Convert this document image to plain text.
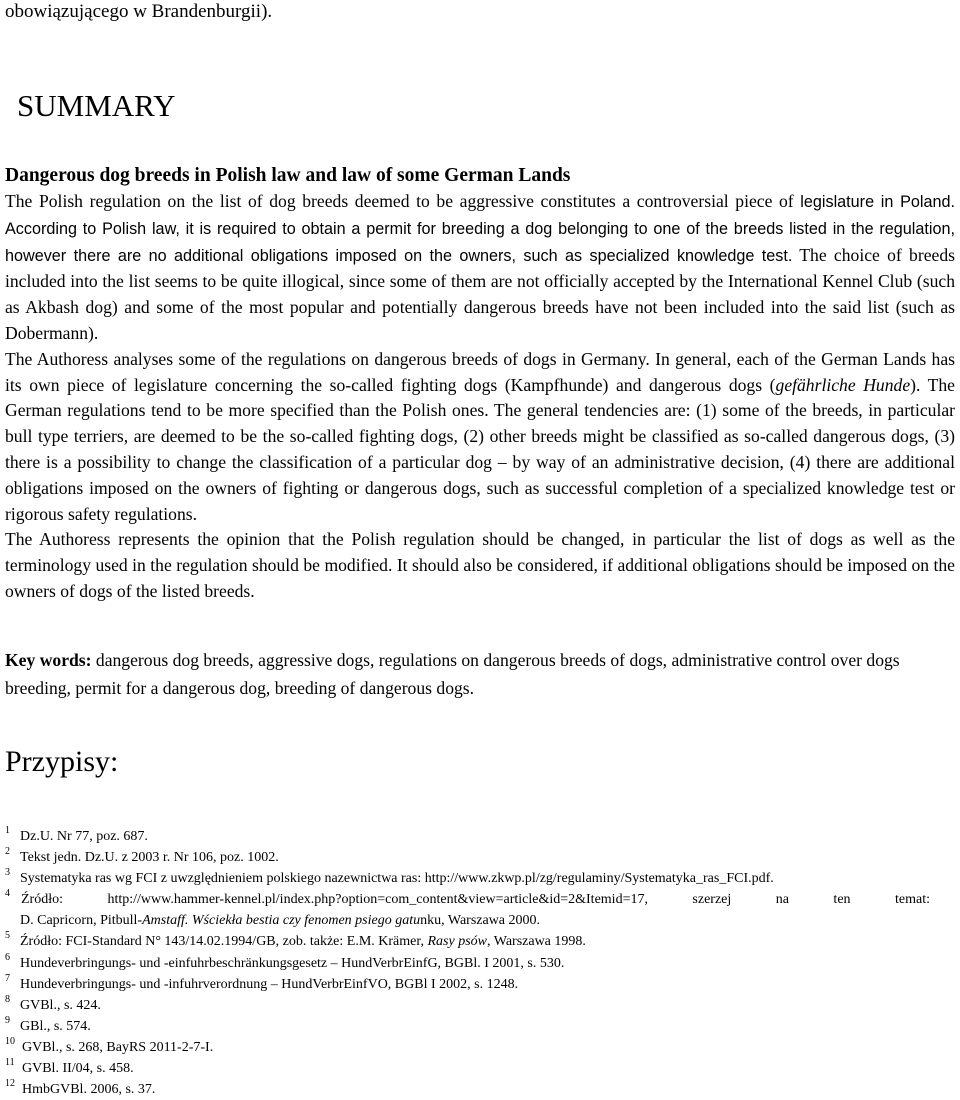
obowiązującego w Brandenburgii).
SUMMARY
Dangerous dog breeds in Polish law and law of some German Lands

The Polish regulation on the list of dog breeds deemed to be aggressive constitutes a controversial piece of legislature in Poland. According to Polish law, it is required to obtain a permit for breeding a dog belonging to one of the breeds listed in the regulation, however there are no additional obligations imposed on the owners, such as specialized knowledge test. The choice of breeds included into the list seems to be quite illogical, since some of them are not officially accepted by the International Kennel Club (such as Akbash dog) and some of the most popular and potentially dangerous breeds have not been included into the said list (such as Dobermann).

The Authoress analyses some of the regulations on dangerous breeds of dogs in Germany. In general, each of the German Lands has its own piece of legislature concerning the so-called fighting dogs (Kampfhunde) and dangerous dogs (gefährliche Hunde). The German regulations tend to be more specified than the Polish ones. The general tendencies are: (1) some of the breeds, in particular bull type terriers, are deemed to be the so-called fighting dogs, (2) other breeds might be classified as so-called dangerous dogs, (3) there is a possibility to change the classification of a particular dog – by way of an administrative decision, (4) there are additional obligations imposed on the owners of fighting or dangerous dogs, such as successful completion of a specialized knowledge test or rigorous safety regulations.

The Authoress represents the opinion that the Polish regulation should be changed, in particular the list of dogs as well as the terminology used in the regulation should be modified. It should also be considered, if additional obligations should be imposed on the owners of dogs of the listed breeds.

Key words: dangerous dog breeds, aggressive dogs, regulations on dangerous breeds of dogs, administrative control over dogs breeding, permit for a dangerous dog, breeding of dangerous dogs.

Przypisy:
1 Dz.U. Nr 77, poz. 687.
2 Tekst jedn. Dz.U. z 2003 r. Nr 106, poz. 1002.
3 Systematyka ras wg FCI z uwzględnieniem polskiego nazewnictwa ras: http://www.zkwp.pl/zg/regulaminy/Systematyka_ras_FCI.pdf.
4 Źródło: http://www.hammer-kennel.pl/index.php?option=com_content&view=article&id=2&Itemid=17, szerzej na ten temat:
D. Capricorn, Pitbull-Amstaff. Wściekła bestia czy fenomen psiego gatunku, Warszawa 2000.
5 Źródło: FCI-Standard N° 143/14.02.1994/GB, zob. także: E.M. Krämer, Rasy psów, Warszawa 1998.
6 Hundeverbringungs- und -einfuhrbeschränkungsgesetz – HundVerbrEinfG, BGBl. I 2001, s. 530.
7 Hundeverbringungs- und -infuhrverordnung – HundVerbrEinfVO, BGBl I 2002, s. 1248.
8 GVBl., s. 424.
9 GBl., s. 574.
10 GVBl., s. 268, BayRS 2011-2-7-I.
11 GVBl. II/04, s. 458.
12 HmbGVBl. 2006, s. 37.
